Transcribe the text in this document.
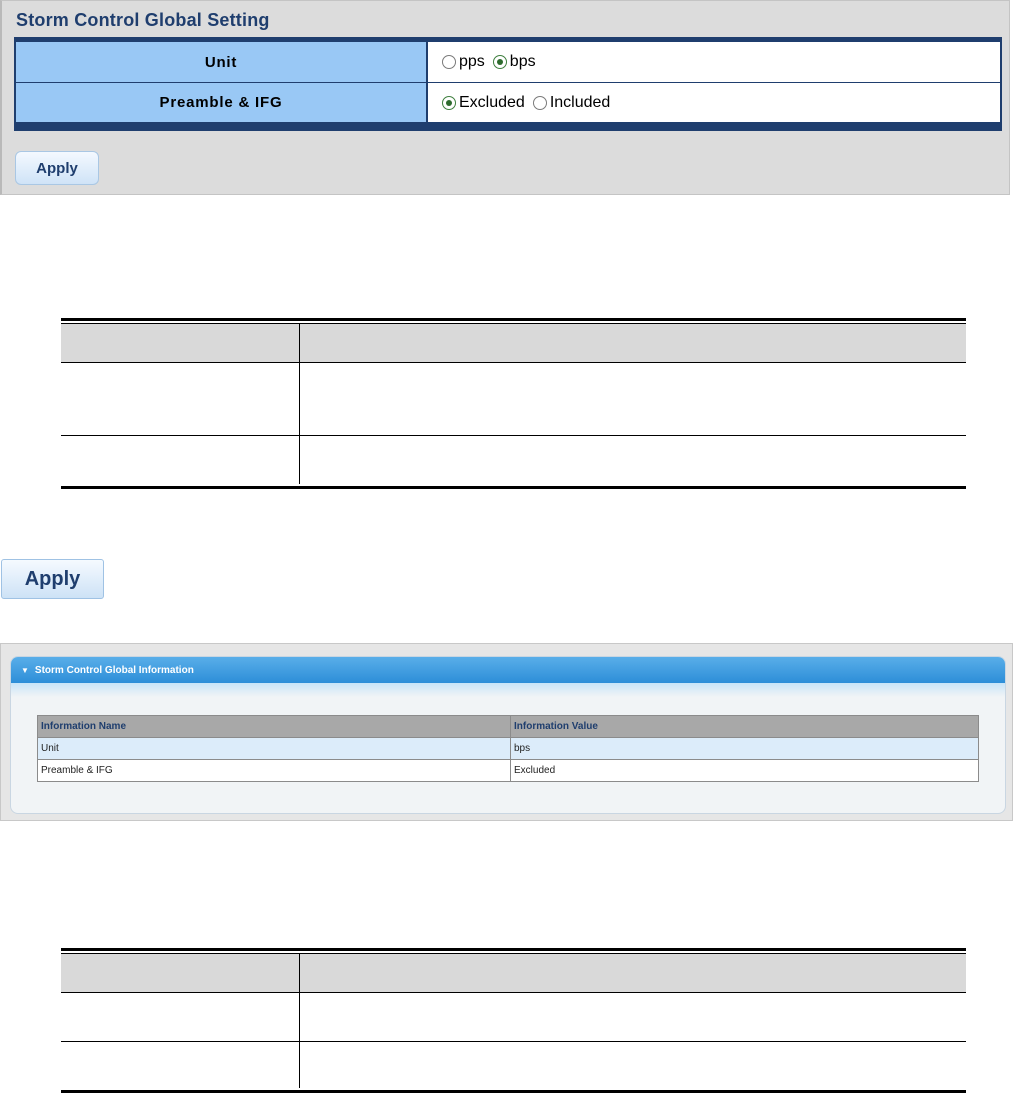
Storm Control Global Setting
Unit	pps bps
Preamble & IFG	Excluded Included
Apply
Apply
▼ Storm Control Global Information
Information Name	Information Value
Unit	bps
Preamble & IFG	Excluded
